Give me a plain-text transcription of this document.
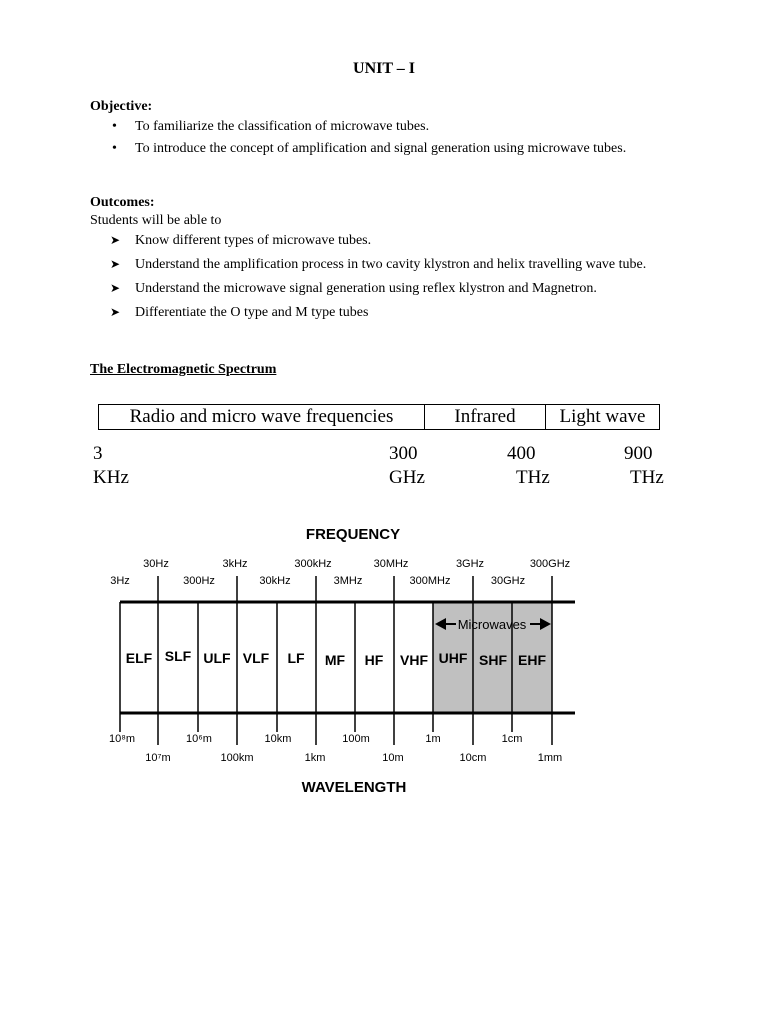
UNIT – I
Objective:
• To familiarize the classification of microwave tubes.
• To introduce the concept of amplification and signal generation using microwave tubes.
Outcomes:
Students will be able to
➤ Know different types of microwave tubes.
➤ Understand the amplification process in two cavity klystron and helix travelling wave tube.
➤ Understand the microwave signal generation using reflex klystron and Magnetron.
➤ Differentiate the O type and M type tubes
The Electromagnetic Spectrum
Radio and micro wave frequencies	Infrared	Light wave
3
KHz
300
GHz
400
THz
900
THz
FREQUENCY
30Hz	3kHz	300kHz	30MHz	3GHz	300GHz
3Hz	300Hz	30kHz	3MHz	300MHz	30GHz
Microwaves
ELF SLF ULF VLF LF MF HF VHF UHF SHF EHF
10⁸m	10⁶m	10km	100m	1m	1cm
10⁷m	100km	1km	10m	10cm	1mm
WAVELENGTH
